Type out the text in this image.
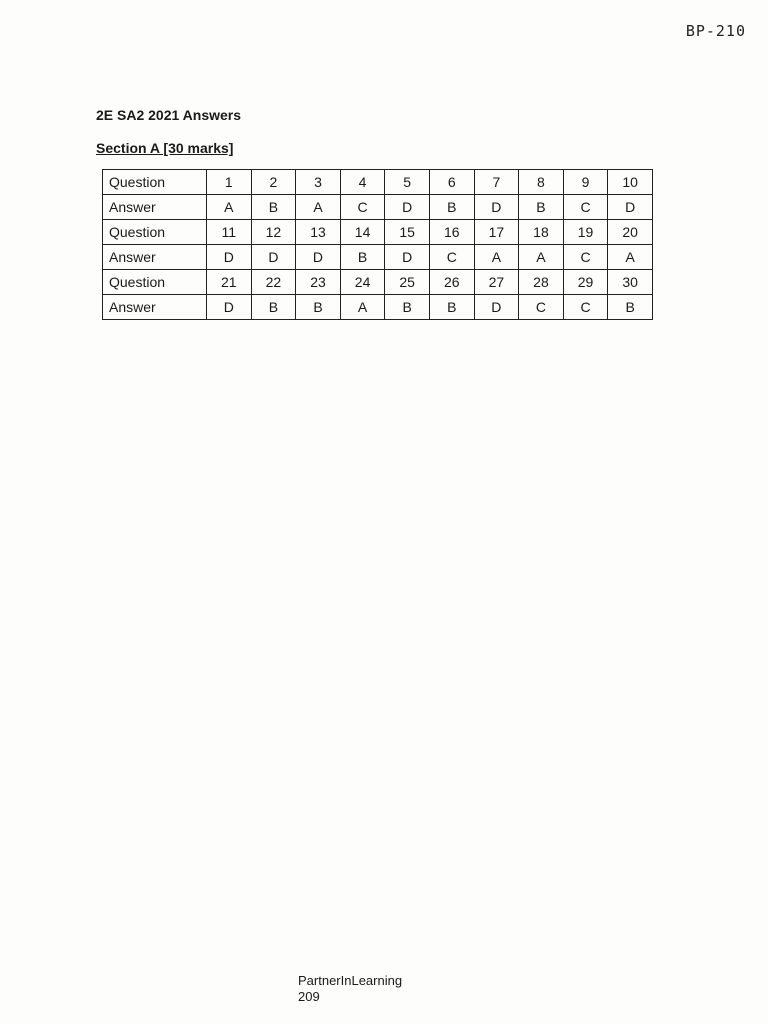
BP-210
2E SA2 2021 Answers
Section A [30 marks]
Question	1	2	3	4	5	6	7	8	9	10
Answer	A	B	A	C	D	B	D	B	C	D
Question	11	12	13	14	15	16	17	18	19	20
Answer	D	D	D	B	D	C	A	A	C	A
Question	21	22	23	24	25	26	27	28	29	30
Answer	D	B	B	A	B	B	D	C	C	B
PartnerInLearning
209
